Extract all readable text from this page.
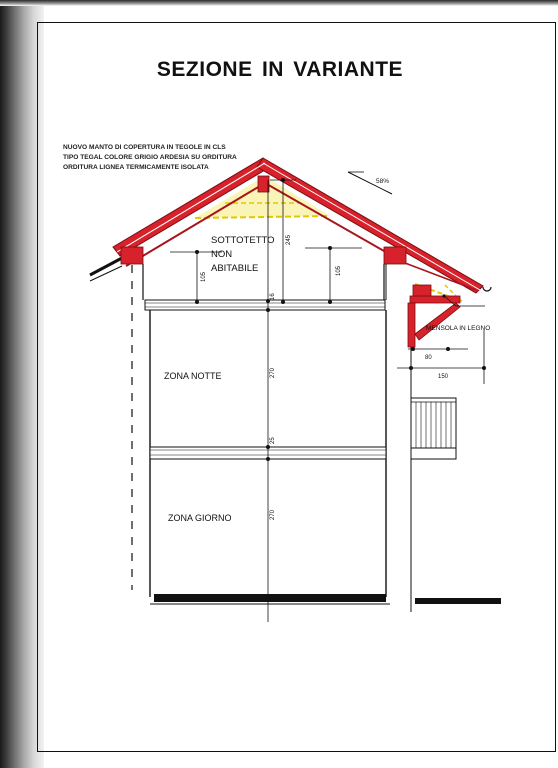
SEZIONE IN VARIANTE
NUOVO MANTO DI COPERTURA IN TEGOLE IN CLS
TIPO TEGAL COLORE GRIGIO ARDESIA SU ORDITURA
ORDITURA LIGNEA TERMICAMENTE ISOLATA
58%
MENSOLA IN LEGNO
105
245
105
16
270
25
270
80
150
SOTTOTETTO
NON
ABITABILE
ZONA NOTTE
ZONA GIORNO
